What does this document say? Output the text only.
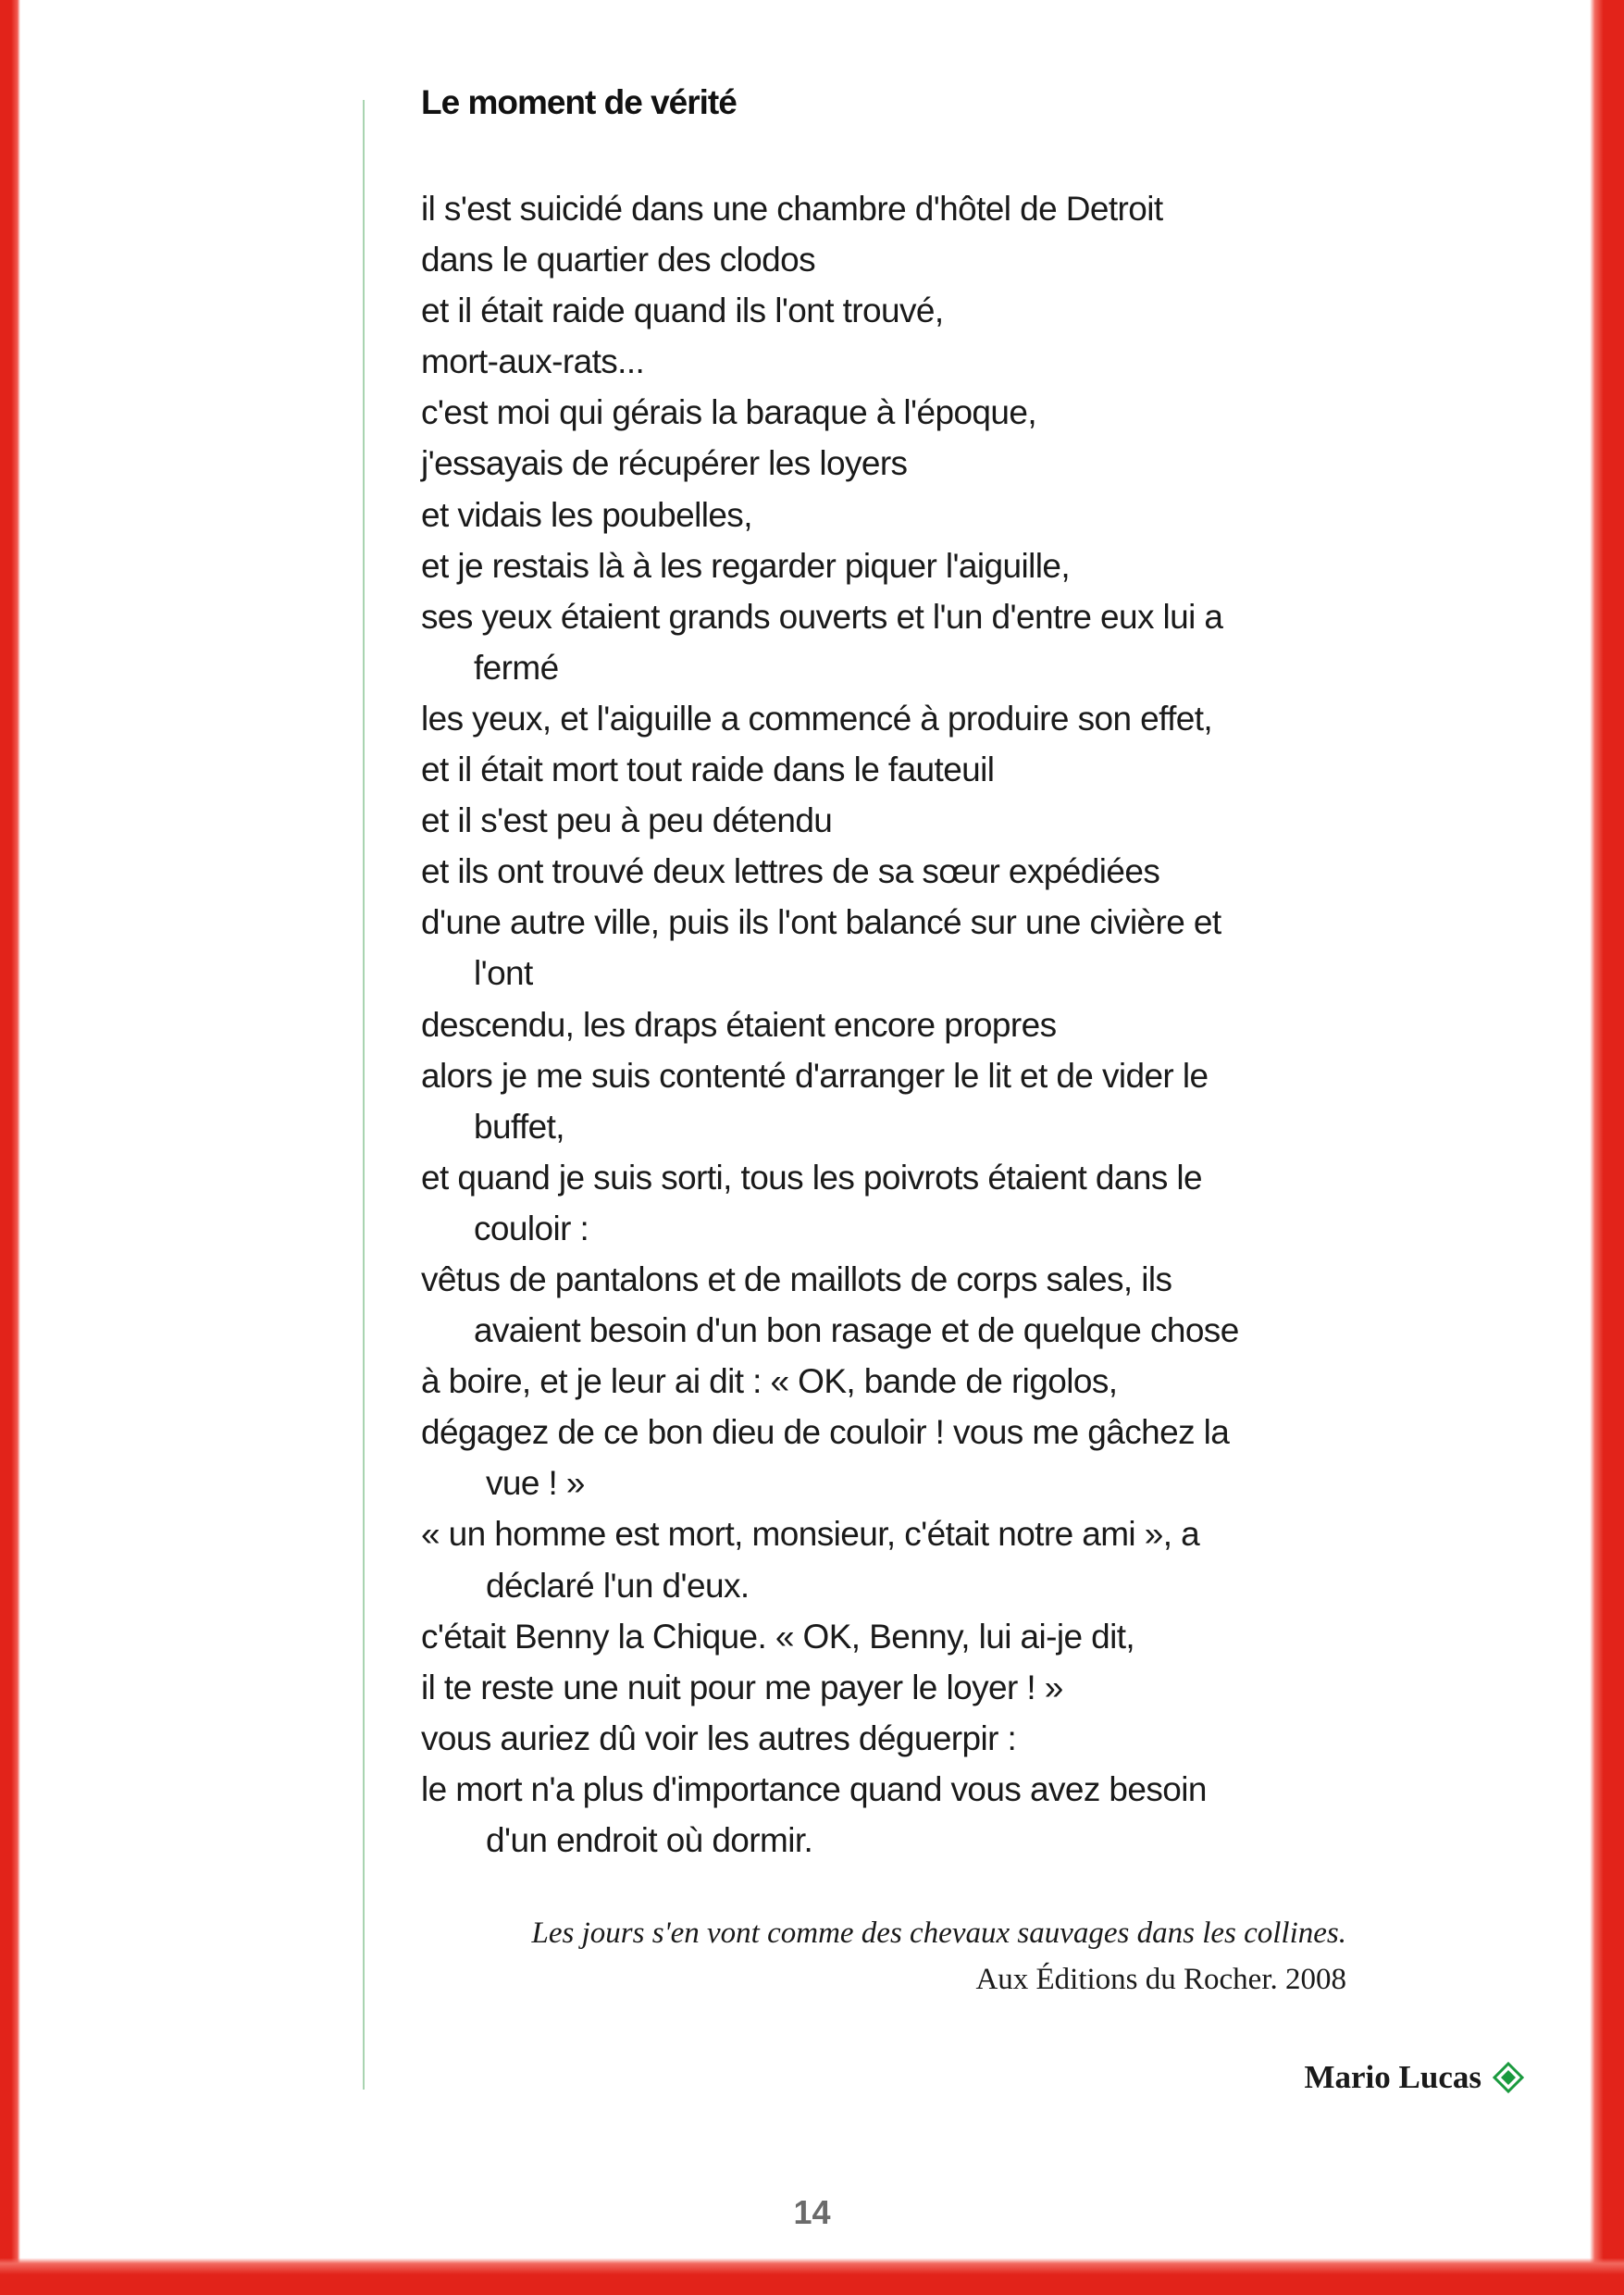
Le moment de vérité
il s'est suicidé dans une chambre d'hôtel de Detroit
dans le quartier des clodos
et il était raide quand ils l'ont trouvé,
mort-aux-rats...
c'est moi qui gérais la baraque à l'époque,
j'essayais de récupérer les loyers
et vidais les poubelles,
et je restais là à les regarder piquer l'aiguille,
ses yeux étaient grands ouverts et l'un d'entre eux lui a
fermé
les yeux, et l'aiguille a commencé à produire son effet,
et il était mort tout raide dans le fauteuil
et il s'est peu à peu détendu
et ils ont trouvé deux lettres de sa sœur expédiées
d'une autre ville, puis ils l'ont balancé sur une civière et
l'ont
descendu, les draps étaient encore propres
alors je me suis contenté d'arranger le lit et de vider le
buffet,
et quand je suis sorti, tous les poivrots étaient dans le
couloir :
vêtus de pantalons et de maillots de corps sales, ils
avaient besoin d'un bon rasage et de quelque chose
à boire, et je leur ai dit : « OK, bande de rigolos,
dégagez de ce bon dieu de couloir ! vous me gâchez la
vue ! »
« un homme est mort, monsieur, c'était notre ami », a
déclaré l'un d'eux.
c'était Benny la Chique. « OK, Benny, lui ai-je dit,
il te reste une nuit pour me payer le loyer ! »
vous auriez dû voir les autres déguerpir :
le mort n'a plus d'importance quand vous avez besoin
d'un endroit où dormir.
Les jours s'en vont comme des chevaux sauvages dans les collines.
Aux Éditions du Rocher. 2008
Mario Lucas
14
